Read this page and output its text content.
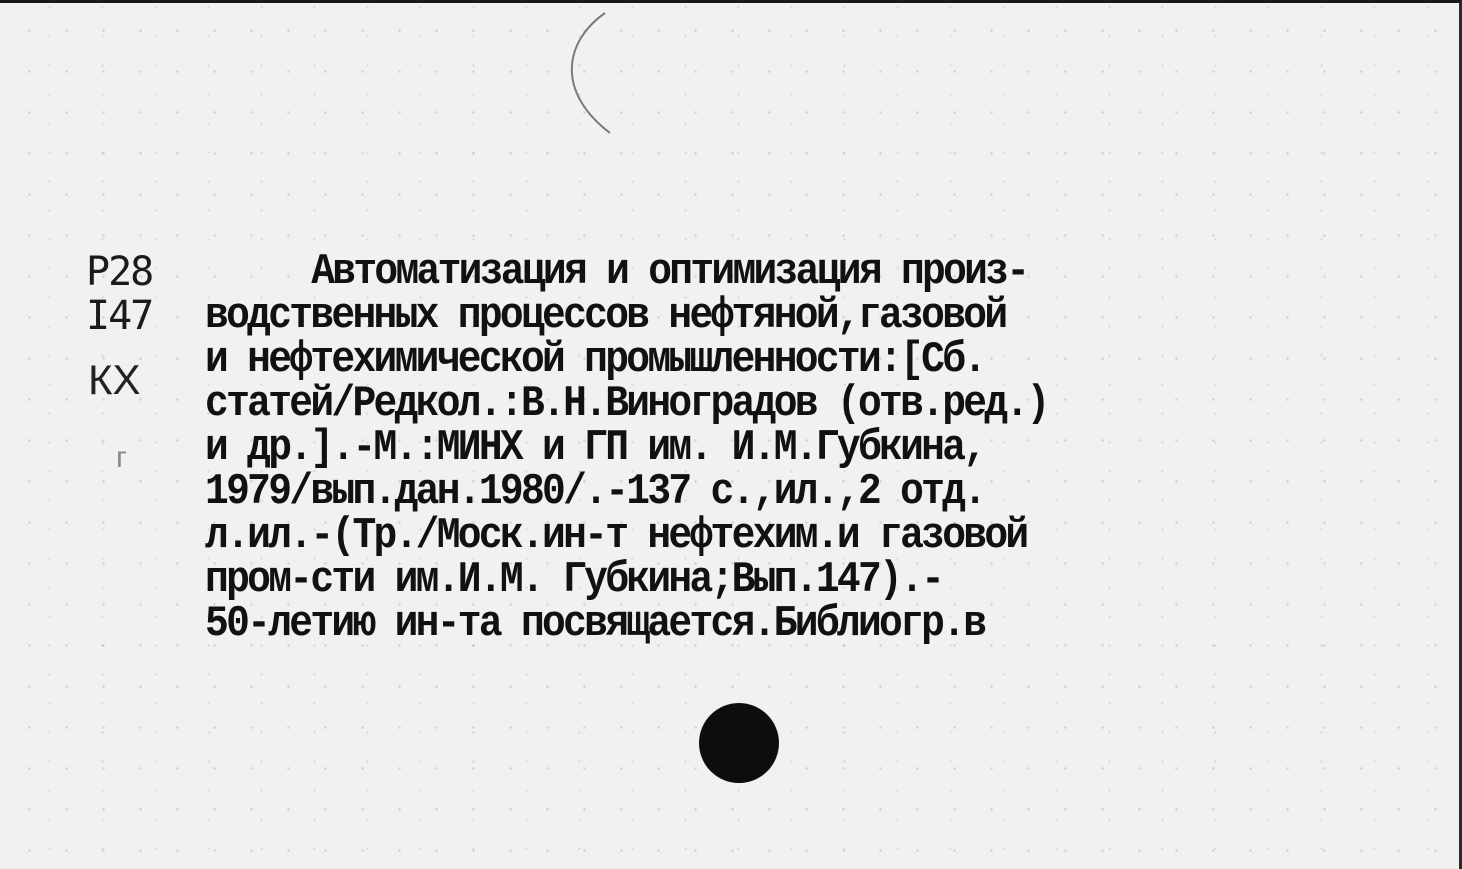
Р28
I47
КХ
г
Автоматизация и оптимизация произ-
водственных процессов нефтяной,газовой
и нефтехимической промышленности:[Сб.
статей/Редкол.:В.Н.Виноградов (отв.ред.)
и др.].-М.:МИНХ и ГП им. И.М.Губкина,
1979/вып.дан.1980/.-137 с.,ил.,2 отд.
л.ил.-(Тр./Моск.ин-т нефтехим.и газовой
пром-сти им.И.М. Губкина;Вып.147).-
50-летию ин-та посвящается.Библиогр.в
